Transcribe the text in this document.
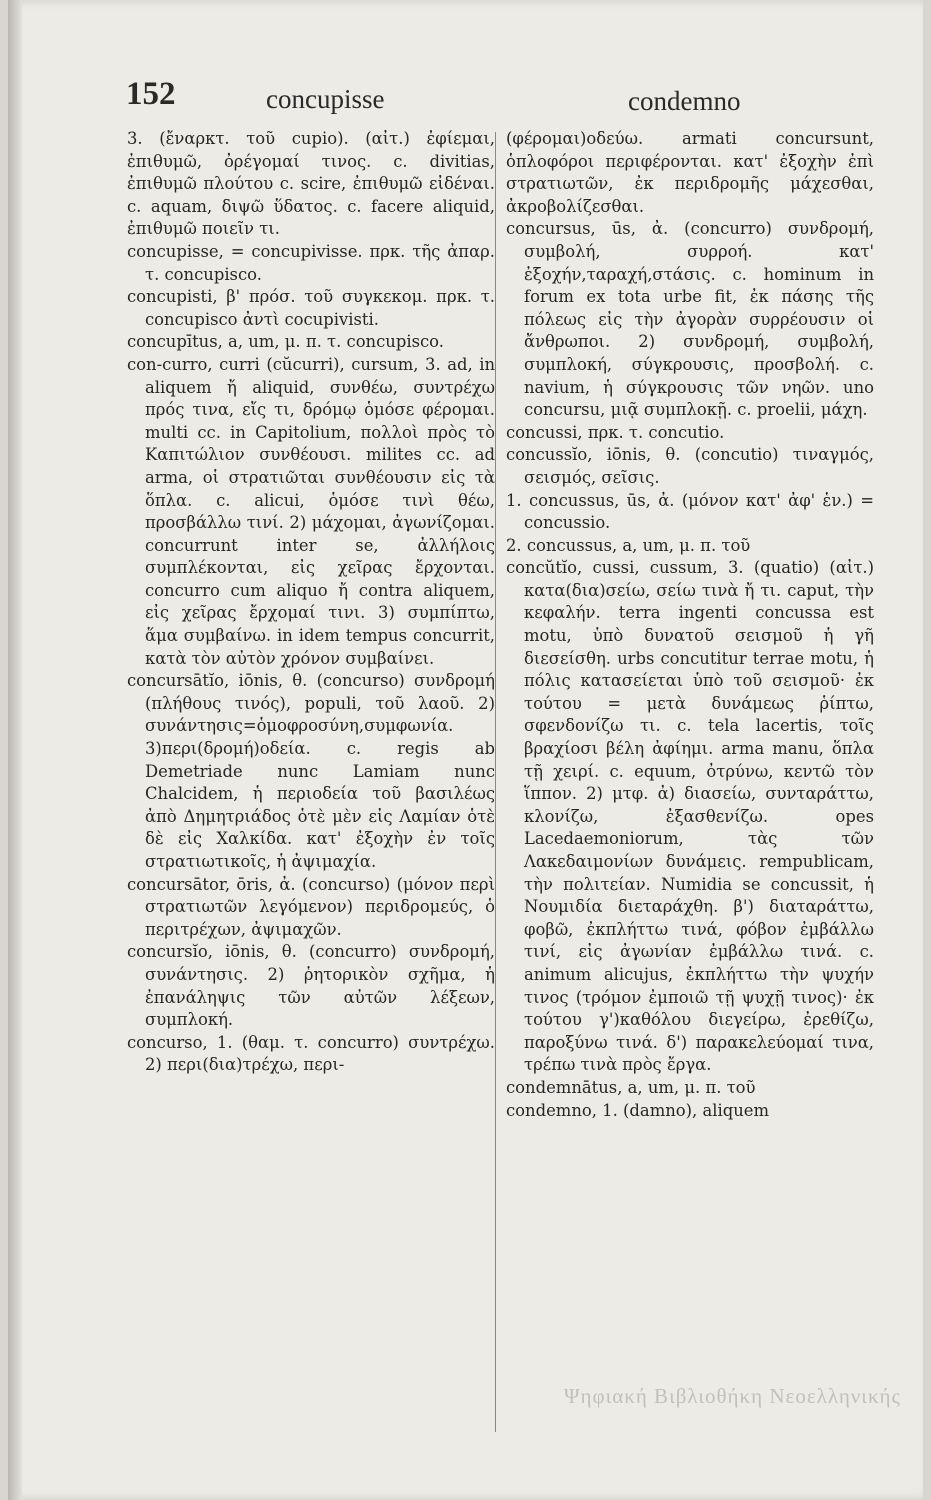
152	concupisse	condemno

3. (ἔναρκτ. τοῦ cupio). (αἰτ.) ἐφίεμαι, ἐπιθυμῶ, ὀρέγομαί τινος. c. divitias, ἐπιθυμῶ πλούτου c. scire, ἐπιθυμῶ εἰδέναι. c. aquam, διψῶ ὕδατος. c. facere aliquid, ἐπιθυμῶ ποιεῖν τι.

concupisse, = concupivisse. πρκ. τῆς ἀπαρ. τ. concupisco.

concupisti, β' πρόσ. τοῦ συγκεκομ. πρκ. τ. concupisco ἀντὶ cocupivisti.

concupītus, a, um, μ. π. τ. concupisco.

con-curro, curri (cŭcurri), cursum, 3. ad, in aliquem ἤ aliquid, συνθέω, συντρέχω πρός τινα, εἴς τι, δρόμῳ ὁμόσε φέρομαι. multi cc. in Capitolium, πολλοὶ πρὸς τὸ Καπιτώλιον συνθέουσι. milites cc. ad arma, οἱ στρατιῶται συνθέουσιν εἰς τὰ ὅπλα. c. alicui, ὁμόσε τινὶ θέω, προσβάλλω τινί. 2) μάχομαι, ἀγωνίζομαι. concurrunt inter se, ἀλλήλοις συμπλέκονται, εἰς χεῖρας ἔρχονται. concurro cum aliquo ἤ contra aliquem, εἰς χεῖρας ἔρχομαί τινι. 3) συμπίπτω, ἅμα συμβαίνω. in idem tempus concurrit, κατὰ τὸν αὐτὸν χρόνον συμβαίνει.

concursātĭo, iōnis, θ. (concurso) συνδρομή (πλήθους τινός), populi, τοῦ λαοῦ. 2) συνάντησις=ὁμοφροσύνη,συμφωνία. 3)περι(δρομή)οδεία. c. regis ab Demetriade nunc Lamiam nunc Chalcidem, ἡ περιοδεία τοῦ βασιλέως ἀπὸ Δημητριάδος ὁτὲ μὲν εἰς Λαμίαν ὁτὲ δὲ εἰς Χαλκίδα. κατ' ἐξοχὴν ἐν τοῖς στρατιωτικοῖς, ἡ ἀψιμαχία.

concursātor, ōris, ἀ. (concurso) (μόνον περὶ στρατιωτῶν λεγόμενον) περιδρομεύς, ὁ περιτρέχων, ἀψιμαχῶν.

concursĭo, iōnis, θ. (concurro) συνδρομή, συνάντησις. 2) ῥητορικὸν σχῆμα, ἡ ἐπανάληψις τῶν αὐτῶν λέξεων, συμπλοκή.

concurso, 1. (θαμ. τ. concurro) συντρέχω. 2) περι(δια)τρέχω, περι-

(φέρομαι)οδεύω. armati concursunt, ὁπλοφόροι περιφέρονται. κατ' ἐξοχὴν ἐπὶ στρατιωτῶν, ἐκ περιδρομῆς μάχεσθαι, ἀκροβολίζεσθαι.

concursus, ūs, ἀ. (concurro) συνδρομή, συμβολή, συρροή. κατ' ἐξοχήν,ταραχή,στάσις. c. hominum in forum ex tota urbe fit, ἐκ πάσης τῆς πόλεως εἰς τὴν ἀγορὰν συρρέουσιν οἱ ἄνθρωποι. 2) συνδρομή, συμβολή, συμπλοκή, σύγκρουσις, προσβολή. c. navium, ἡ σύγκρουσις τῶν νηῶν. uno concursu, μιᾷ συμπλοκῇ. c. proelii, μάχη.

concussi, πρκ. τ. concutio.

concussĭo, iōnis, θ. (concutio) τιναγμός, σεισμός, σεῖσις.

1. concussus, ūs, ἀ. (μόνον κατ' ἀφ' ἑν.) = concussio.

2. concussus, a, um, μ. π. τοῦ

concŭtĭo, cussi, cussum, 3. (quatio) (αἰτ.) κατα(δια)σείω, σείω τινὰ ἤ τι. caput, τὴν κεφαλήν. terra ingenti concussa est motu, ὑπὸ δυνατοῦ σεισμοῦ ἡ γῆ διεσείσθη. urbs concutitur terrae motu, ἡ πόλις κατασείεται ὑπὸ τοῦ σεισμοῦ· ἐκ τούτου = μετὰ δυνάμεως ῥίπτω, σφενδονίζω τι. c. tela lacertis, τοῖς βραχίοσι βέλη ἀφίημι. arma manu, ὅπλα τῇ χειρί. c. equum, ὀτρύνω, κεντῶ τὸν ἵππον. 2) μτφ. ἀ) διασείω, συνταράττω, κλονίζω, ἐξασθενίζω. opes Lacedaemoniorum, τὰς τῶν Λακεδαιμονίων δυνάμεις. rempublicam, τὴν πολιτείαν. Numidia se concussit, ἡ Νουμιδία διεταράχθη. β') διαταράττω, φοβῶ, ἐκπλήττω τινά, φόβον ἐμβάλλω τινί, εἰς ἀγωνίαν ἐμβάλλω τινά. c. animum alicujus, ἐκπλήττω τὴν ψυχήν τινος (τρόμον ἐμποιῶ τῇ ψυχῇ τινος)· ἐκ τούτου γ')καθόλου διεγείρω, ἐρεθίζω, παροξύνω τινά. δ') παρακελεύομαί τινα, τρέπω τινὰ πρὸς ἔργα.

condemnātus, a, um, μ. π. τοῦ

condemno, 1. (damno), aliquem

Ψηφιακή Βιβλιοθήκη Νεοελληνικής
